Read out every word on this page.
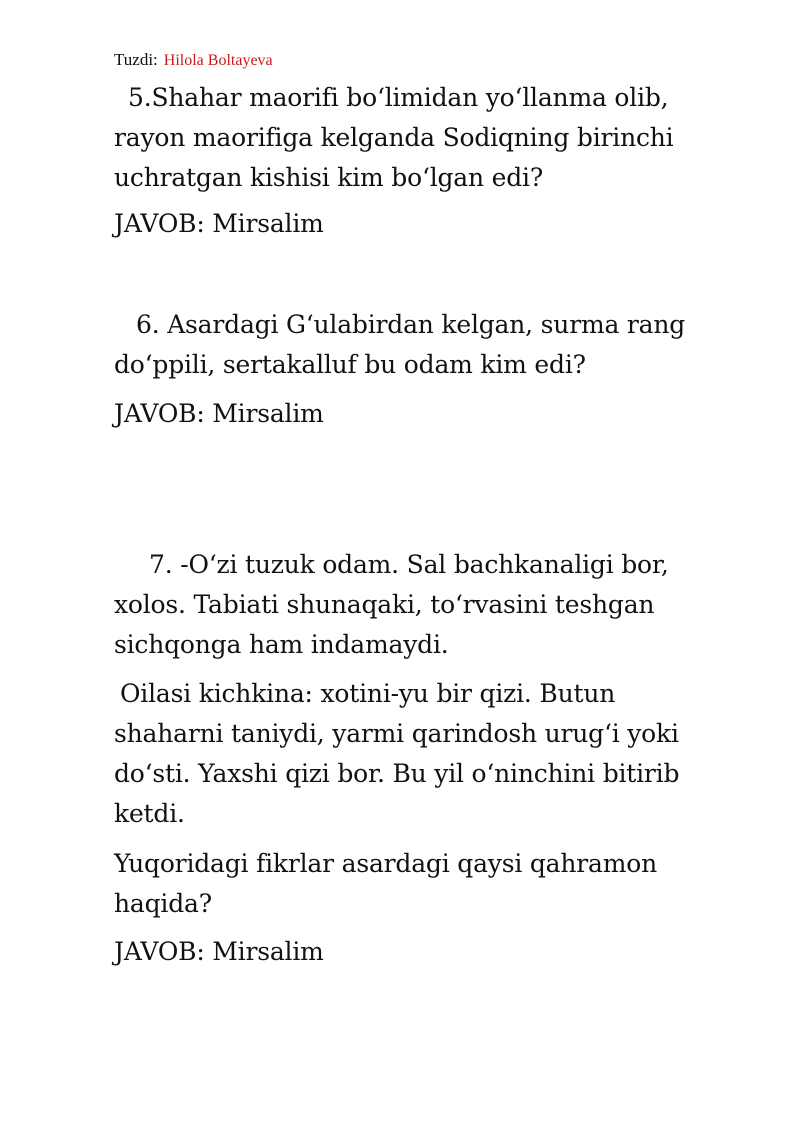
Tuzdi: Hilola Boltayeva

5.Shahar maorifi bo‘limidan yo‘llanma olib,

rayon maorifiga kelganda Sodiqning birinchi

uchratgan kishisi kim bo‘lgan edi?

JAVOB: Mirsalim

6. Asardagi G‘ulabirdan kelgan, surma rang

do‘ppili, sertakalluf bu odam kim edi?

JAVOB: Mirsalim

7. -O‘zi tuzuk odam. Sal bachkanaligi bor,

xolos. Tabiati shunaqaki, to‘rvasini teshgan

sichqonga ham indamaydi.

Oilasi kichkina: xotini-yu bir qizi. Butun

shaharni taniydi, yarmi qarindosh urug‘i yoki

do‘sti. Yaxshi qizi bor. Bu yil o‘ninchini bitirib

ketdi.

Yuqoridagi fikrlar asardagi qaysi qahramon

haqida?

JAVOB: Mirsalim
